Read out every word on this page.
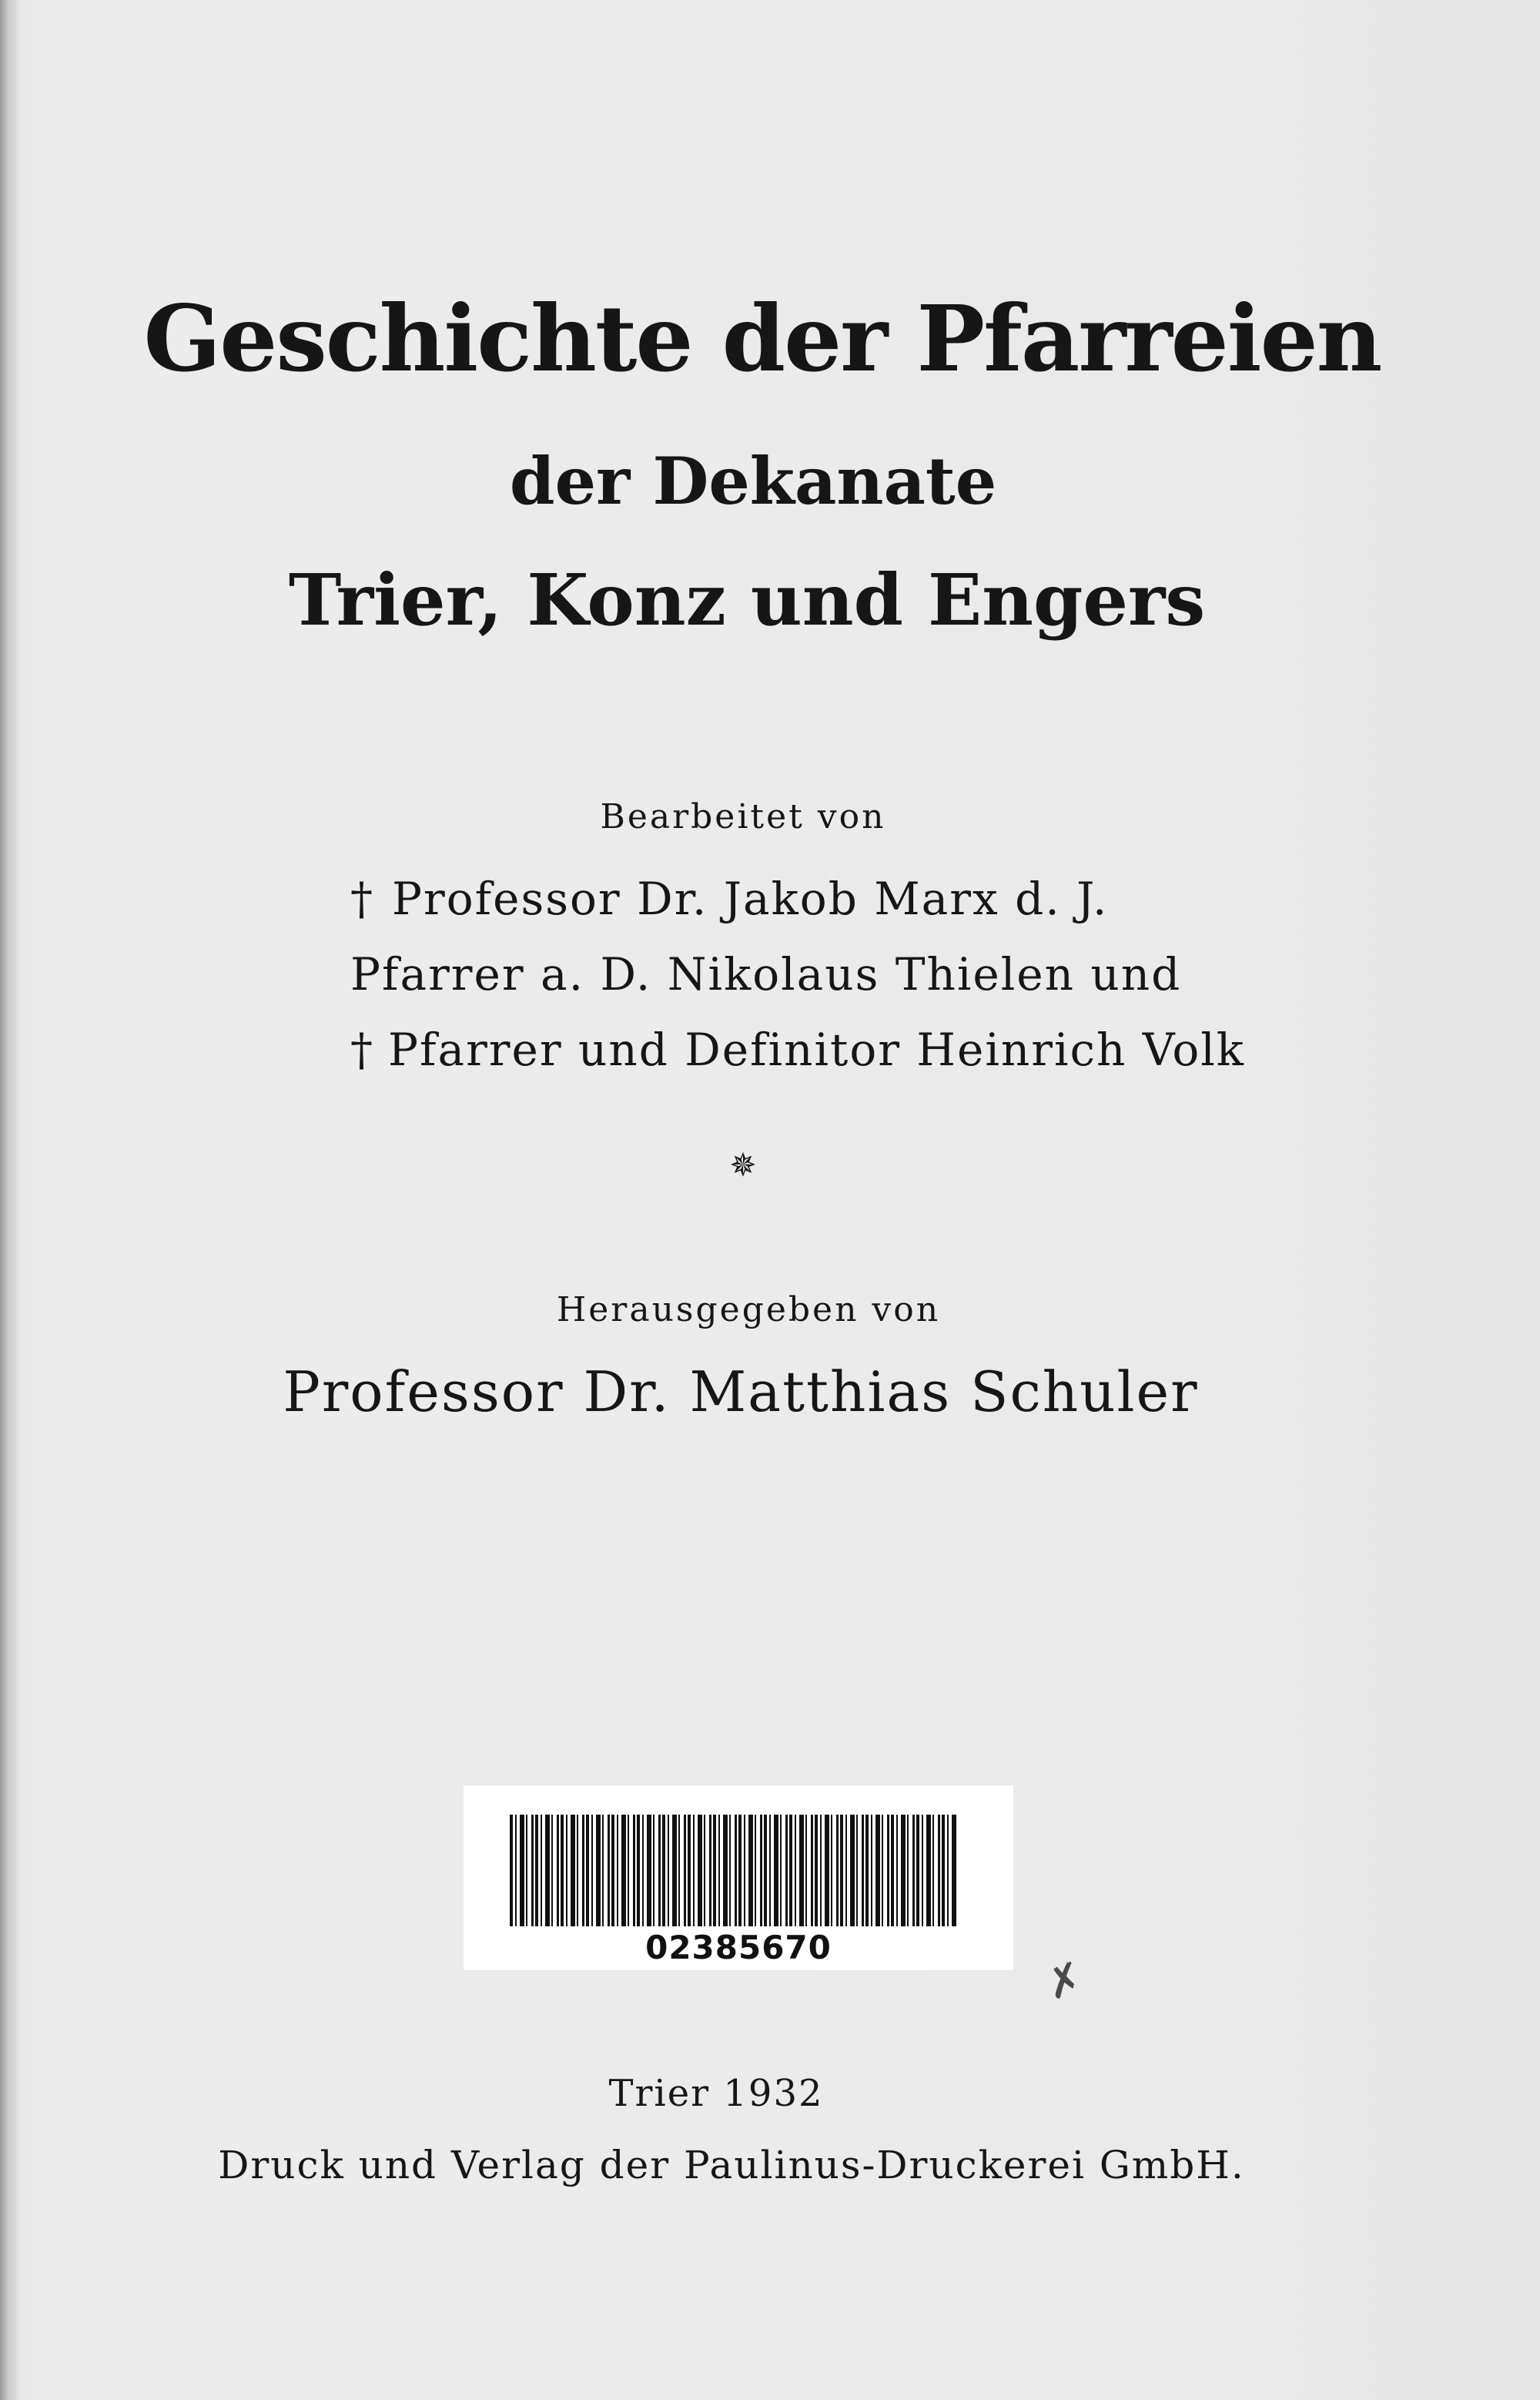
Geschichte der Pfarreien
der Dekanate
Trier, Konz und Engers
Bearbeitet von
† Professor Dr. Jakob Marx d. J.
Pfarrer a. D. Nikolaus Thielen und
† Pfarrer und Definitor Heinrich Volk
✵
Herausgegeben von
Professor Dr. Matthias Schuler
02385670
✗
Trier 1932
Druck und Verlag der Paulinus-Druckerei GmbH.
